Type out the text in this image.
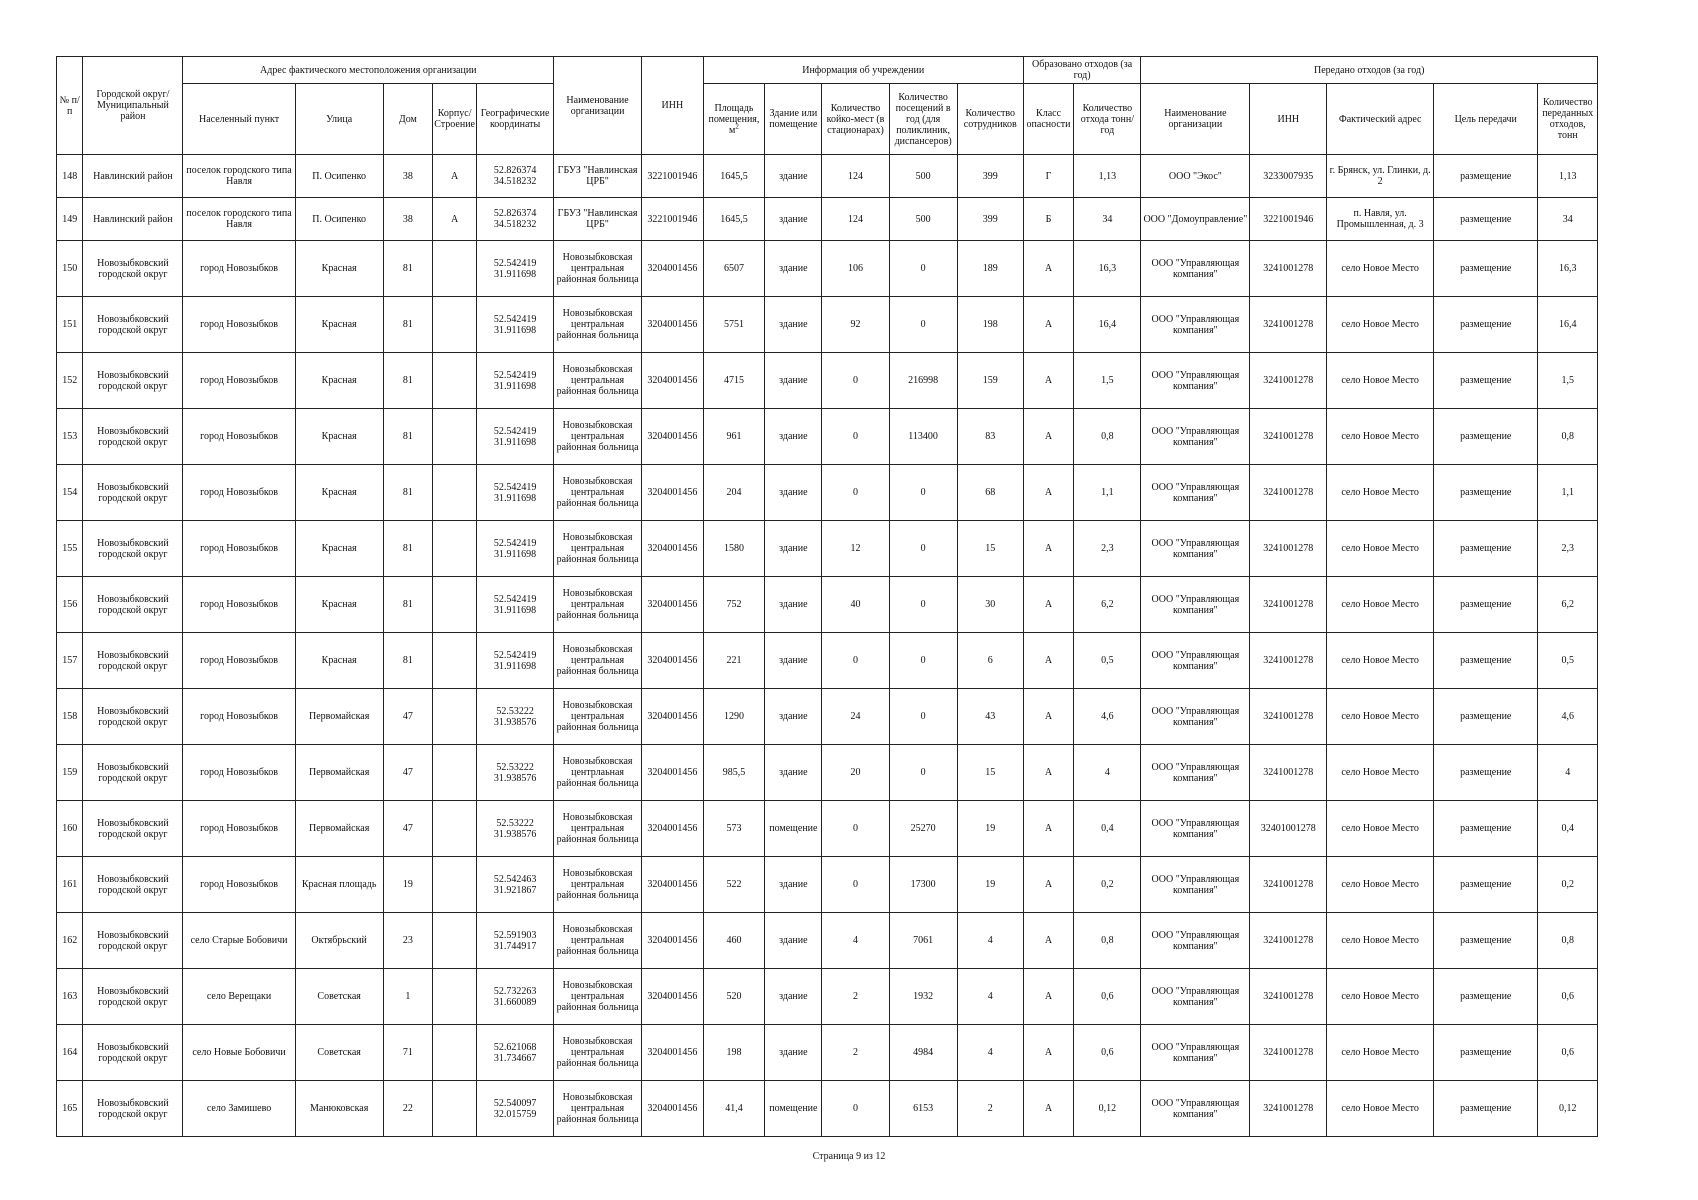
№ п/п	Городской округ/Муниципальный район	Адрес фактического местоположения организации					Наименование организации	ИНН	Информация об учреждении					Образовано отходов (за год)		Передано отходов (за год)				
		Населенный пункт	Улица	Дом	Корпус/ Строение	Географические координаты			Площадь помещения, $м^2$	Здание или помещение	Количество койко-мест (в стационарах)	Количество посещений в год (для поликлиник, диспансеров)	Количество сотрудников	Класс опасности	Количество отхода тонн/год	Наименование организации	ИНН	Фактический адрес	Цель передачи	Количество переданных отходов, тонн
148	Навлинский район	поселок городского типа Навля	П. Осипенко	38	А	52.826374 34.518232	ГБУЗ "Навлинская ЦРБ"	3221001946	1645,5	здание	124	500	399	Г	1,13	ООО "Экос"	3233007935	г. Брянск, ул. Глинки, д. 2	размещение	1,13
149	Навлинский район	поселок городского типа Навля	П. Осипенко	38	А	52.826374 34.518232	ГБУЗ "Навлинская ЦРБ"	3221001946	1645,5	здание	124	500	399	Б	34	ООО "Домоуправление"	3221001946	п. Навля, ул. Промышленная, д. 3	размещение	34
150	Новозыбковский городской округ	город Новозыбков	Красная	81		52.542419 31.911698	Новозыбковская центральная районная больница	3204001456	6507	здание	106	0	189	А	16,3	ООО "Управляющая компания"	3241001278	село Новое Место	размещение	16,3
151	Новозыбковский городской округ	город Новозыбков	Красная	81		52.542419 31.911698	Новозыбковская центральная районная больница	3204001456	5751	здание	92	0	198	А	16,4	ООО "Управляющая компания"	3241001278	село Новое Место	размещение	16,4
152	Новозыбковский городской округ	город Новозыбков	Красная	81		52.542419 31.911698	Новозыбковская центральная районная больница	3204001456	4715	здание	0	216998	159	А	1,5	ООО "Управляющая компания"	3241001278	село Новое Место	размещение	1,5
153	Новозыбковский городской округ	город Новозыбков	Красная	81		52.542419 31.911698	Новозыбковская центральная районная больница	3204001456	961	здание	0	113400	83	А	0,8	ООО "Управляющая компания"	3241001278	село Новое Место	размещение	0,8
154	Новозыбковский городской округ	город Новозыбков	Красная	81		52.542419 31.911698	Новозыбковская центральная районная больница	3204001456	204	здание	0	0	68	А	1,1	ООО "Управляющая компания"	3241001278	село Новое Место	размещение	1,1
155	Новозыбковский городской округ	город Новозыбков	Красная	81		52.542419 31.911698	Новозыбковская центральная районная больница	3204001456	1580	здание	12	0	15	А	2,3	ООО "Управляющая компания"	3241001278	село Новое Место	размещение	2,3
156	Новозыбковский городской округ	город Новозыбков	Красная	81		52.542419 31.911698	Новозыбковская центральная районная больница	3204001456	752	здание	40	0	30	А	6,2	ООО "Управляющая компания"	3241001278	село Новое Место	размещение	6,2
157	Новозыбковский городской округ	город Новозыбков	Красная	81		52.542419 31.911698	Новозыбковская центральная районная больница	3204001456	221	здание	0	0	6	А	0,5	ООО "Управляющая компания"	3241001278	село Новое Место	размещение	0,5
158	Новозыбковский городской округ	город Новозыбков	Первомайская	47		52.53222 31.938576	Новозыбковская центральная районная больница	3204001456	1290	здание	24	0	43	А	4,6	ООО "Управляющая компания"	3241001278	село Новое Место	размещение	4,6
159	Новозыбковский городской округ	город Новозыбков	Первомайская	47		52.53222 31.938576	Новозыбковская центрлаьная районная больница	3204001456	985,5	здание	20	0	15	А	4	ООО "Управляющая компания"	3241001278	село Новое Место	размещение	4
160	Новозыбковский городской округ	город Новозыбков	Первомайская	47		52.53222 31.938576	Новозыбковская центральная районная больница	3204001456	573	помещение	0	25270	19	А	0,4	ООО "Управляющая компания"	32401001278	село Новое Место	размещение	0,4
161	Новозыбковский городской округ	город Новозыбков	Красная площадь	19		52.542463 31.921867	Новозыбковская центральная районная больница	3204001456	522	здание	0	17300	19	А	0,2	ООО "Управляющая компания"	3241001278	село Новое Место	размещение	0,2
162	Новозыбковский городской округ	село Старые Бобовичи	Октябрьский	23		52.591903 31.744917	Новозыбковская центральная районная больница	3204001456	460	здание	4	7061	4	А	0,8	ООО "Управляющая компания"	3241001278	село Новое Место	размещение	0,8
163	Новозыбковский городской округ	село Верещаки	Советская	1		52.732263 31.660089	Новозыбковская центральная районная больница	3204001456	520	здание	2	1932	4	А	0,6	ООО "Управляющая компания"	3241001278	село Новое Место	размещение	0,6
164	Новозыбковский городской округ	село Новые Бобовичи	Советская	71		52.621068 31.734667	Новозыбковская центральная районная больница	3204001456	198	здание	2	4984	4	А	0,6	ООО "Управляющая компания"	3241001278	село Новое Место	размещение	0,6
165	Новозыбковский городской округ	село Замишево	Манюковская	22		52.540097 32.015759	Новозыбковская центральная районная больница	3204001456	41,4	помещение	0	6153	2	А	0,12	ООО "Управляющая компания"	3241001278	село Новое Место	размещение	0,12
Страница 9 из 12
